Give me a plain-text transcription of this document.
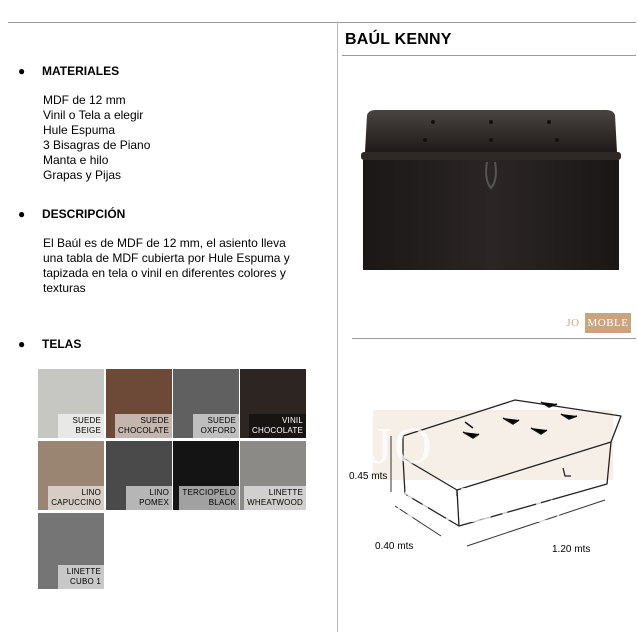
BAÚL KENNY
● MATERIALES
MDF de 12 mm
Vinil o Tela a elegir
Hule Espuma
3 Bisagras de Piano
Manta e hilo
Grapas y Pijas
● DESCRIPCIÓN
El Baúl es de MDF de 12 mm, el asiento lleva una tabla de MDF cubierta por Hule Espuma y tapizada en tela o vinil en diferentes colores y texturas
● TELAS
SUEDE
BEIGE
SUEDE
CHOCOLATE
SUEDE
OXFORD
VINIL
CHOCOLATE
LINO
CAPUCCINO
LINO
POMEX
TERCIOPELO
BLACK
LINETTE
WHEATWOOD
LINETTE
CUBO 1
JO MOBLE
JO MOBLE
0.45 mts
0.40 mts	1.20 mts
